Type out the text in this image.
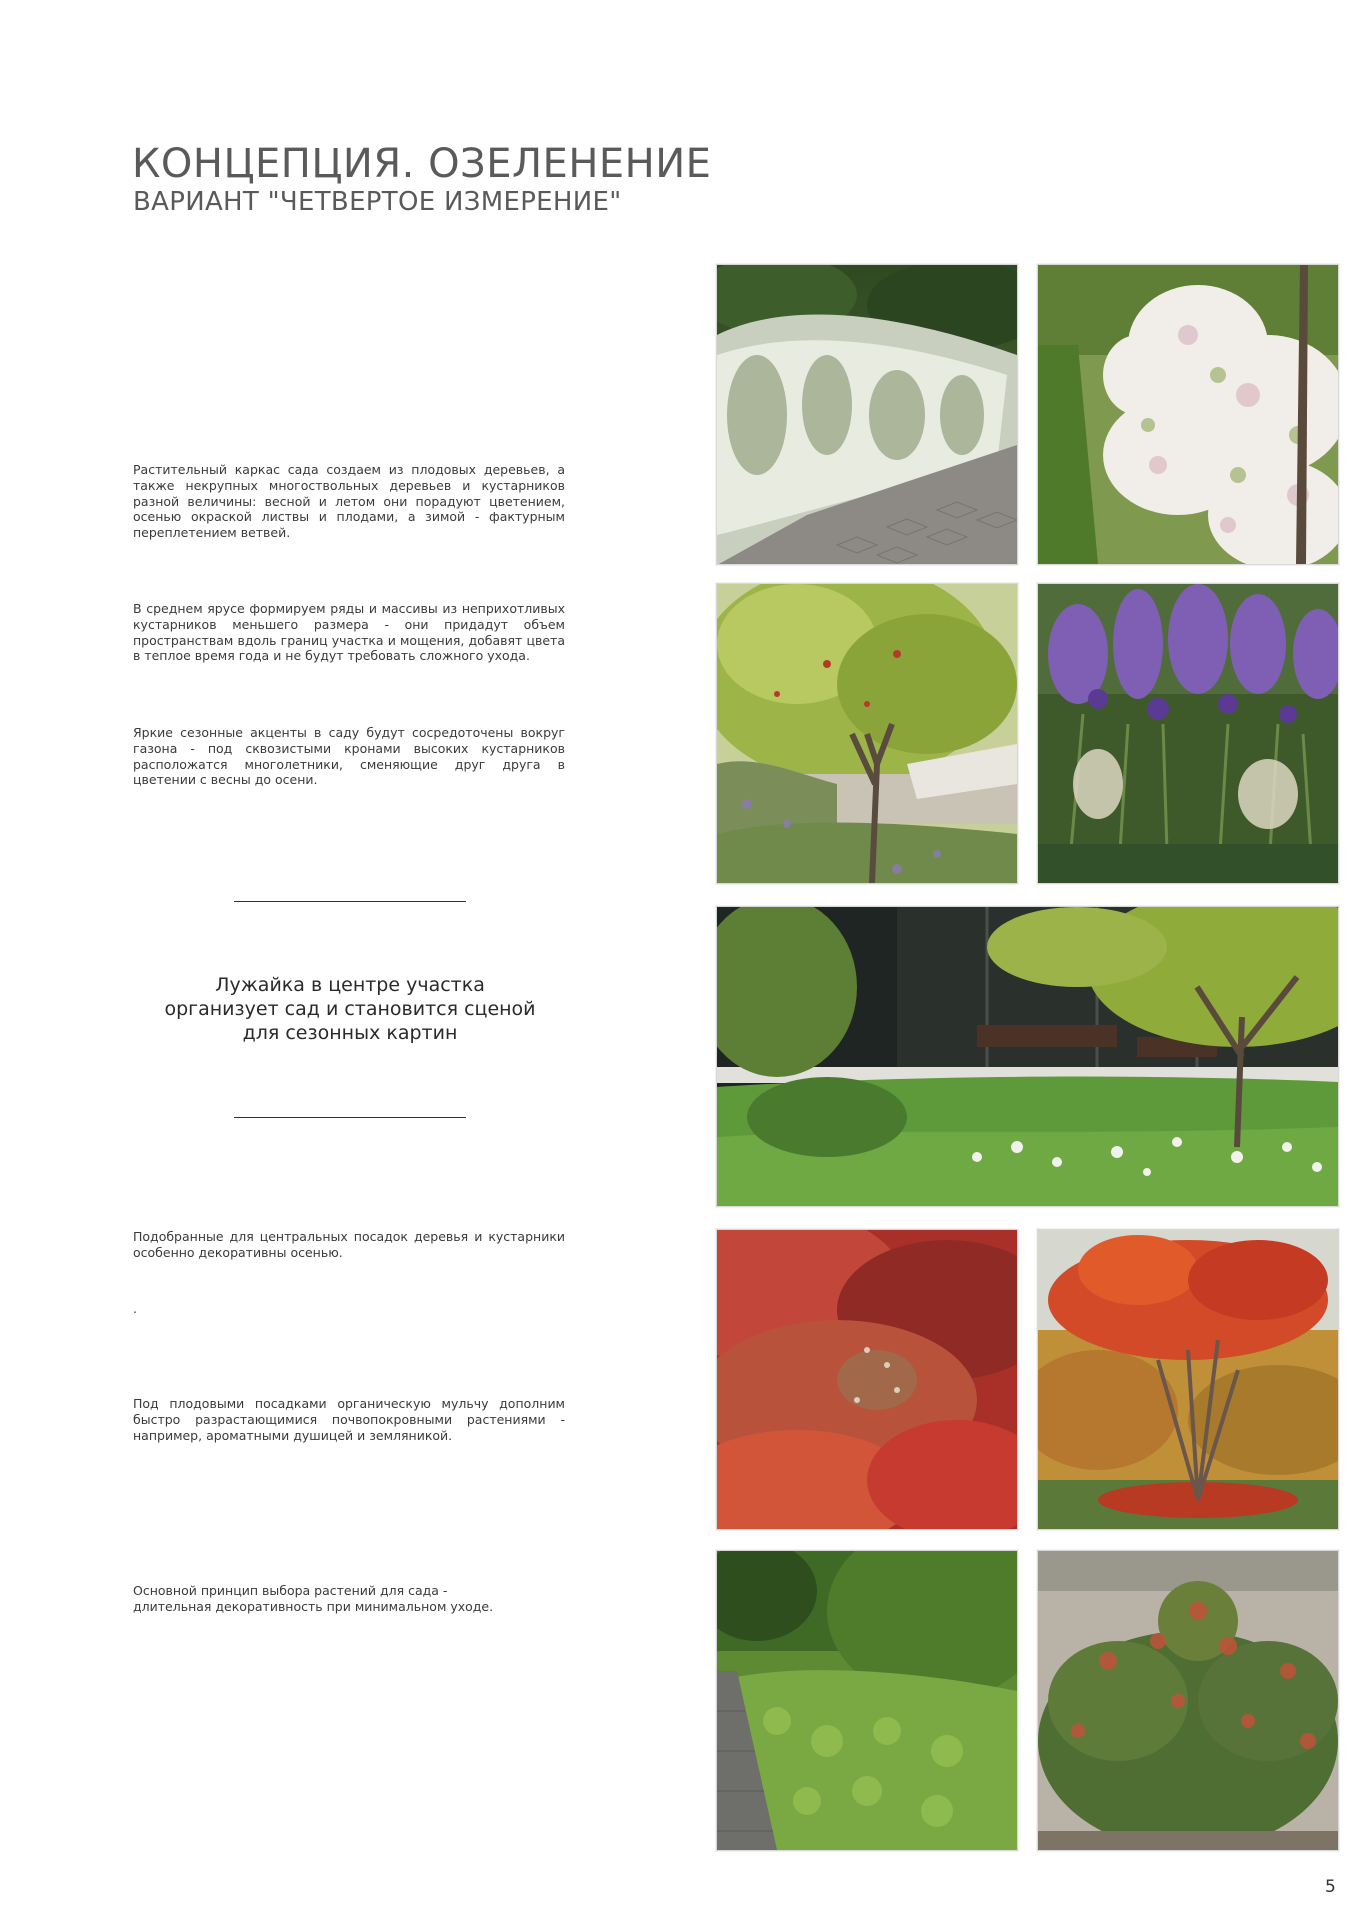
КОНЦЕПЦИЯ. ОЗЕЛЕНЕНИЕ
ВАРИАНТ "ЧЕТВЕРТОЕ ИЗМЕРЕНИЕ"

Растительный каркас сада создаем из плодовых деревьев, а также некрупных многоствольных деревьев и кустарников разной величины: весной и летом они порадуют цветением, осенью окраской листвы и плодами, а зимой - фактурным переплетением ветвей.

В среднем ярусе формируем ряды и массивы из неприхотливых кустарников меньшего размера - они придадут объем пространствам вдоль границ участка и мощения, добавят цвета в теплое время года и не будут требовать сложного ухода.

Яркие сезонные акценты в саду будут сосредоточены вокруг газона - под сквозистыми кронами высоких кустарников расположатся многолетники, сменяющие друг друга в цветении с весны до осени.

Лужайка в центре участка
организует сад и становится сценой
для сезонных картин

Подобранные для центральных посадок деревья и кустарники особенно декоративны осенью.

.

Под плодовыми посадками органическую мульчу дополним быстро разрастающимися почвопокровными растениями - например, ароматными душицей и земляникой.

Основной принцип выбора растений для сада -
длительная декоративность при минимальном уходе.
5
